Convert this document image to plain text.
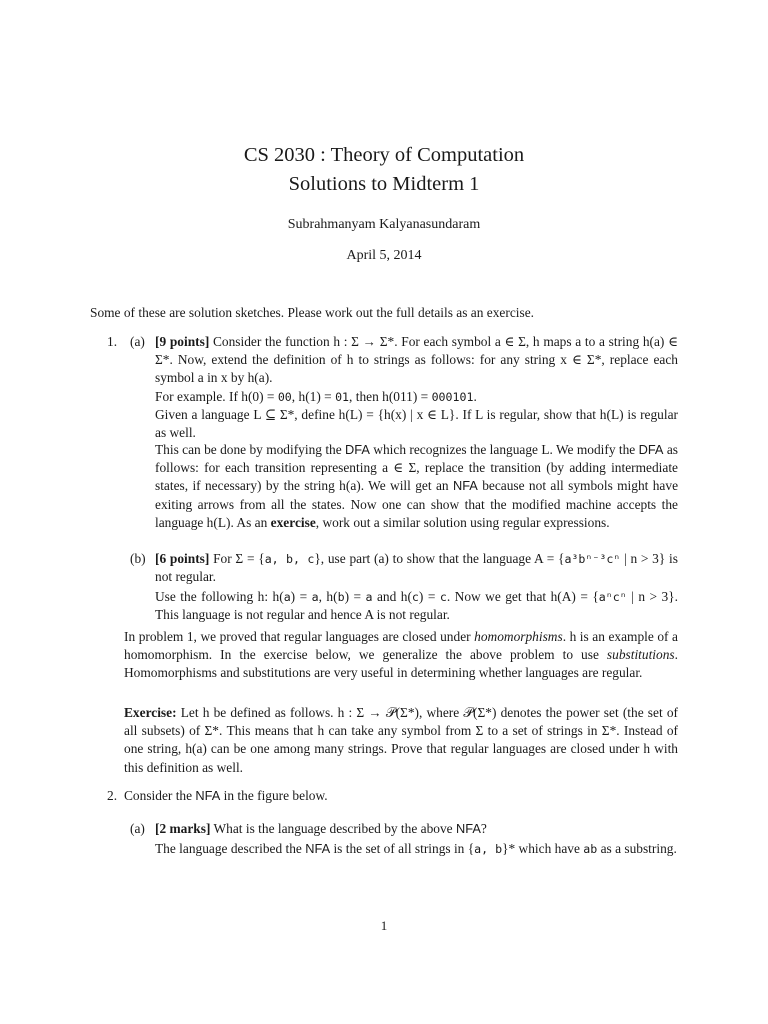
CS 2030 : Theory of Computation
Solutions to Midterm 1
Subrahmanyam Kalyanasundaram
April 5, 2014
Some of these are solution sketches. Please work out the full details as an exercise.
1. (a) [9 points] Consider the function h : Σ → Σ*. For each symbol a ∈ Σ, h maps a to a string h(a) ∈ Σ*. Now, extend the definition of h to strings as follows: for any string x ∈ Σ*, replace each symbol a in x by h(a).

For example. If h(0) = 00, h(1) = 01, then h(011) = 000101.

Given a language L ⊆ Σ*, define h(L) = {h(x) | x ∈ L}. If L is regular, show that h(L) is regular as well.

This can be done by modifying the DFA which recognizes the language L. We modify the DFA as follows: for each transition representing a ∈ Σ, replace the transition (by adding intermediate states, if necessary) by the string h(a). We will get an NFA because not all symbols might have exiting arrows from all the states. Now one can show that the modified machine accepts the language h(L). As an exercise, work out a similar solution using regular expressions.

(b) [6 points] For Σ = {a, b, c}, use part (a) to show that the language A = {a³bⁿ⁻³cⁿ | n > 3} is not regular.

Use the following h: h(a) = a, h(b) = a and h(c) = c. Now we get that h(A) = {aⁿcⁿ | n > 3}. This language is not regular and hence A is not regular.

In problem 1, we proved that regular languages are closed under homomorphisms. h is an example of a homomorphism. In the exercise below, we generalize the above problem to use substitutions. Homomorphisms and substitutions are very useful in determining whether languages are regular.

Exercise: Let h be defined as follows. h : Σ → 𝒫(Σ*), where 𝒫(Σ*) denotes the power set (the set of all subsets) of Σ*. This means that h can take any symbol from Σ to a set of strings in Σ*. Instead of one string, h(a) can be one among many strings. Prove that regular languages are closed under h with this definition as well.

2. Consider the NFA in the figure below.

(a) [2 marks] What is the language described by the above NFA?

The language described the NFA is the set of all strings in {a, b}* which have ab as a substring.

1
